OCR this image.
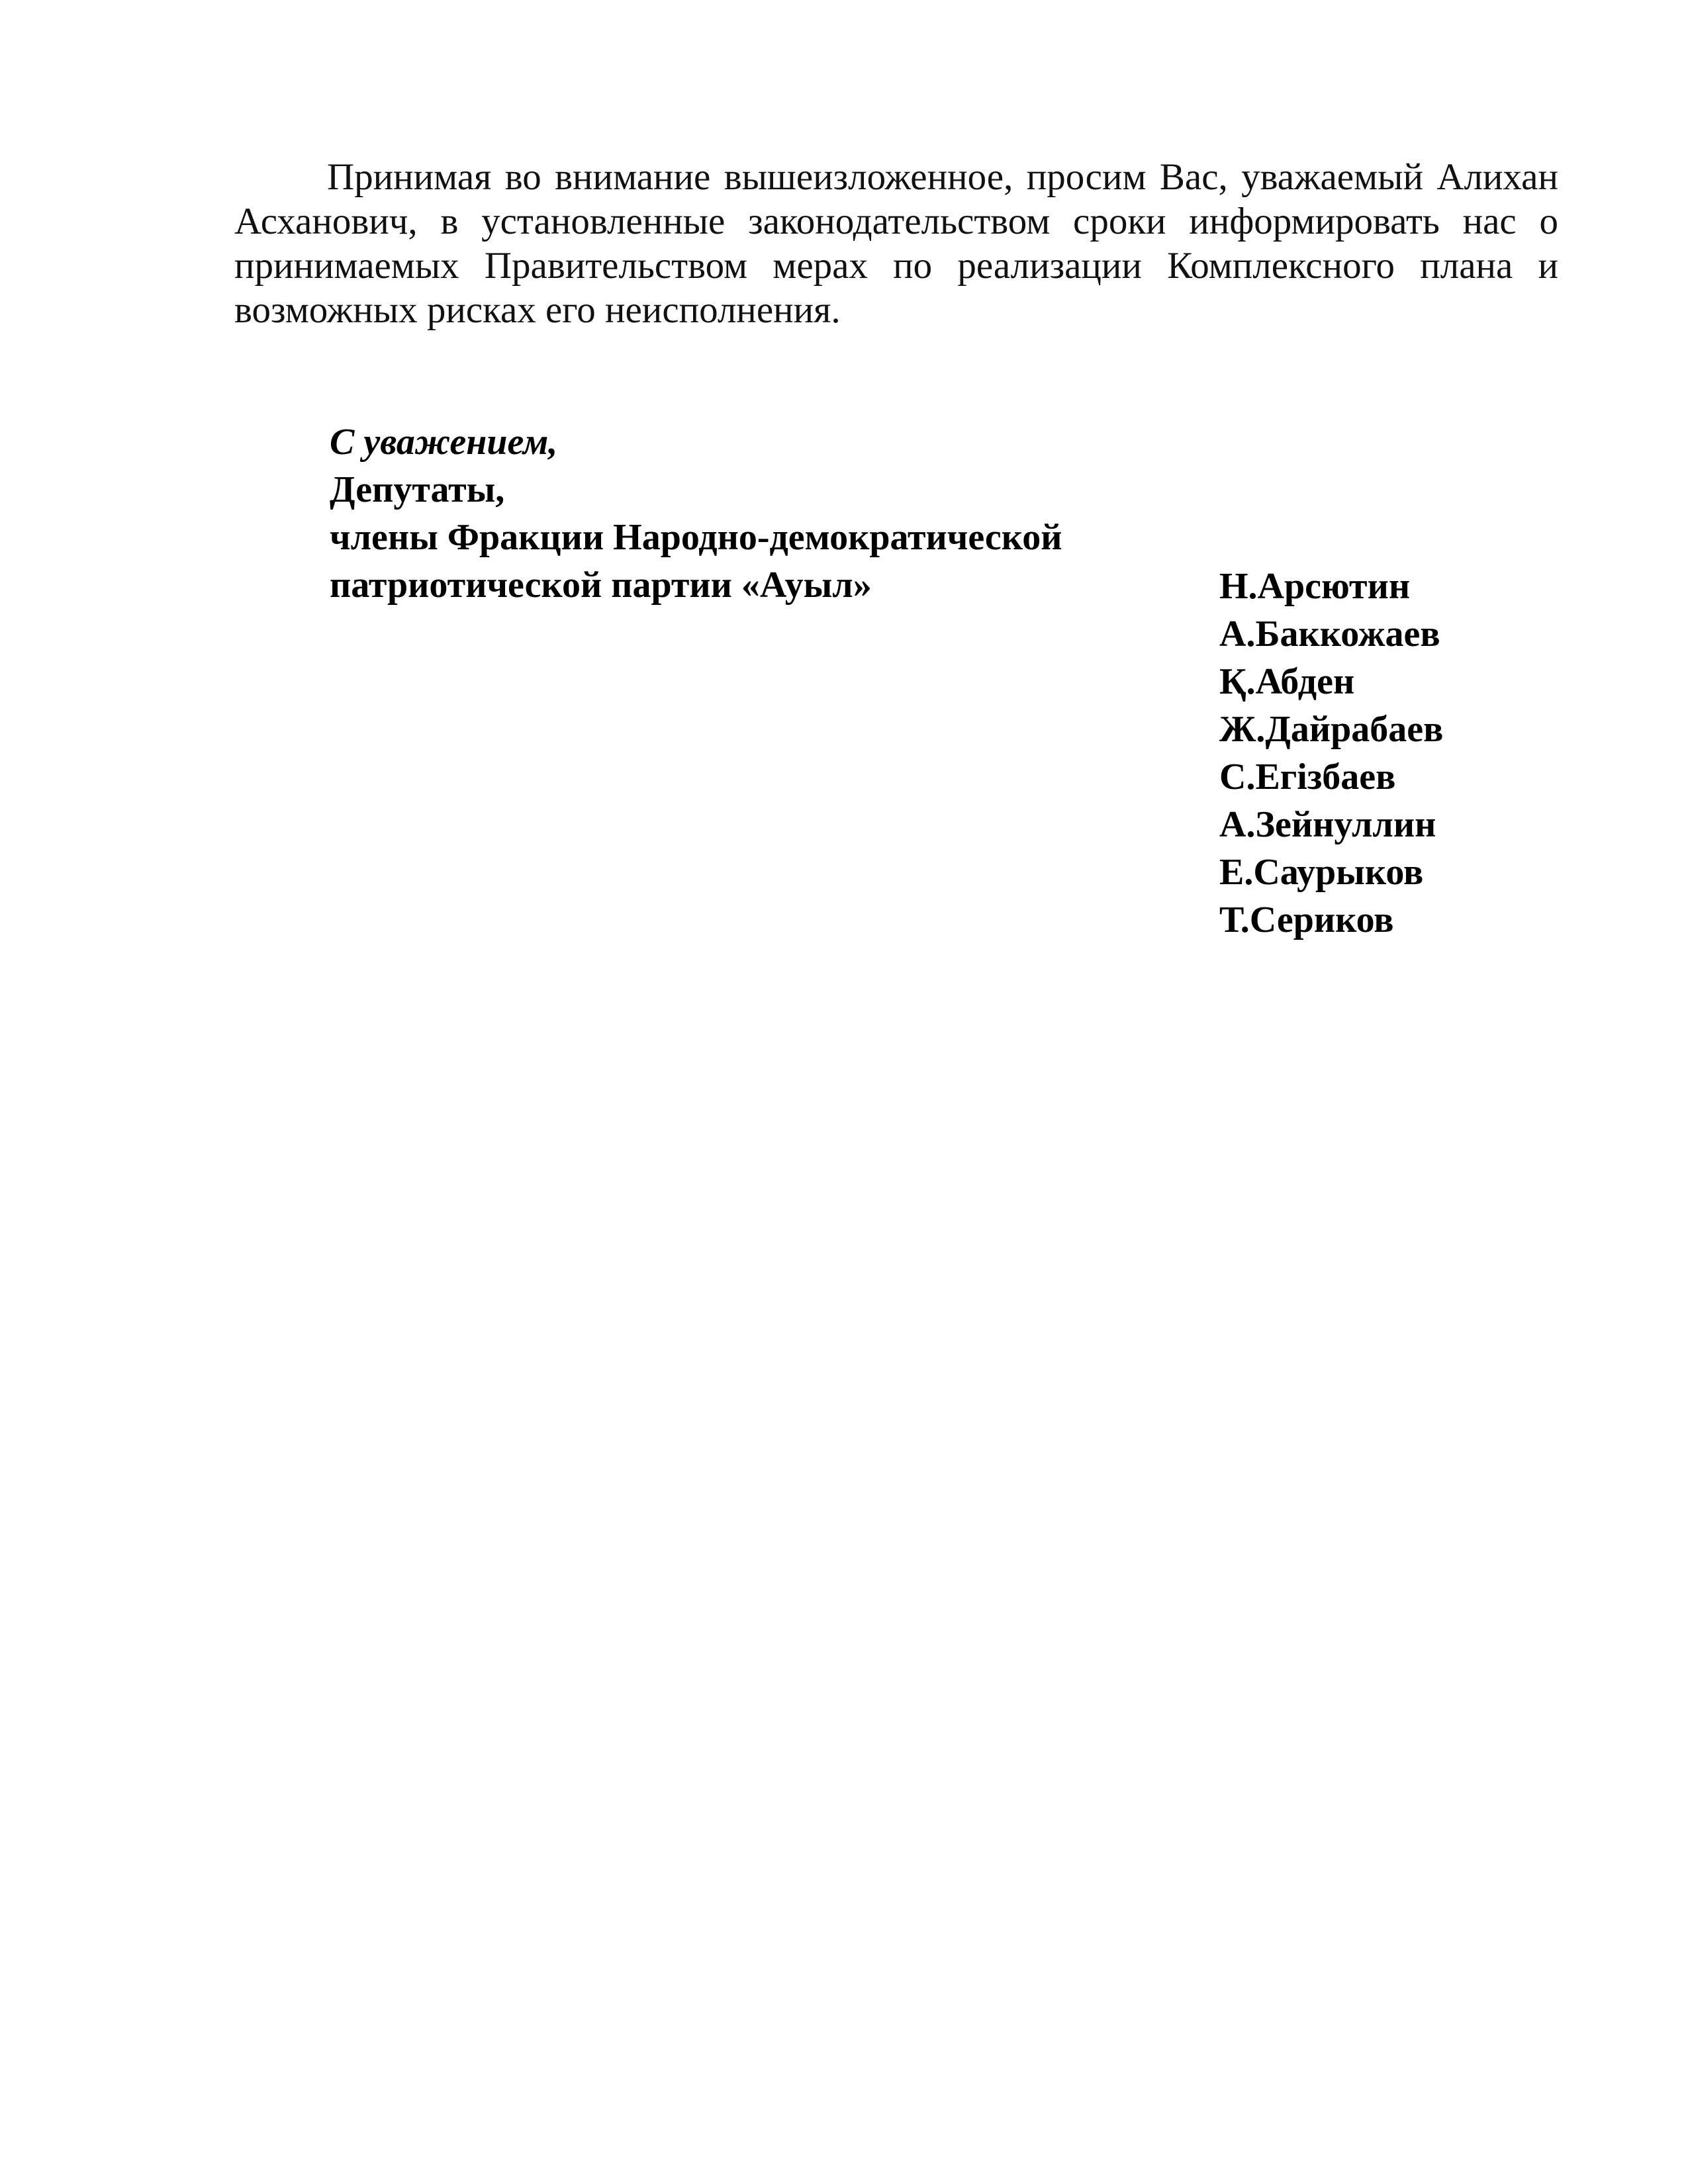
Принимая во внимание вышеизложенное, просим Вас, уважаемый Алихан Асханович, в установленные законодательством сроки информировать нас о принимаемых Правительством мерах по реализации Комплексного плана и возможных рисках его неисполнения.

С уважением,
Депутаты,
члены Фракции Народно-демократической
патриотической партии «Ауыл»	Н.Арсютин
А.Баккожаев
Қ.Абден
Ж.Дайрабаев
С.Егізбаев
А.Зейнуллин
Е.Саурыков
Т.Сериков
